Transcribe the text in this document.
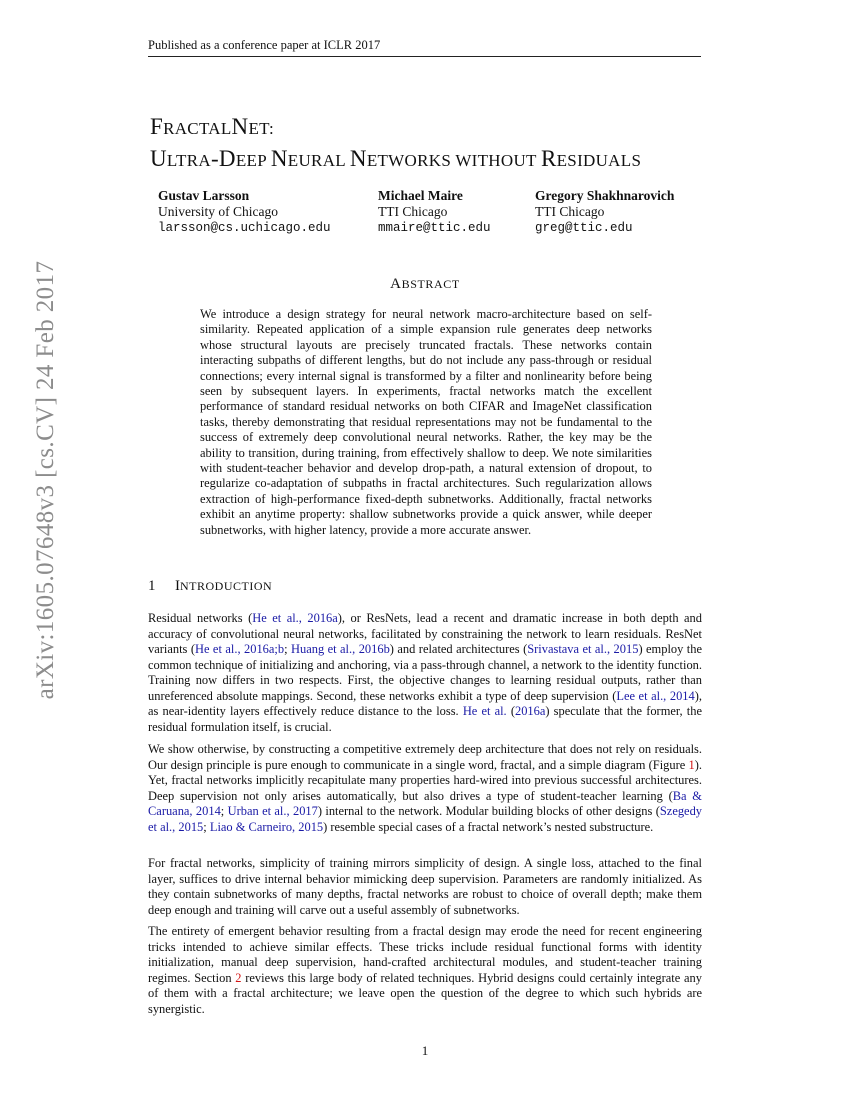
Published as a conference paper at ICLR 2017
arXiv:1605.07648v3 [cs.CV] 24 Feb 2017
FRACTALNET:
ULTRA-DEEP NEURAL NETWORKS WITHOUT RESIDUALS
Gustav Larsson
University of Chicago
larsson@cs.uchicago.edu
Michael Maire
TTI Chicago
mmaire@ttic.edu
Gregory Shakhnarovich
TTI Chicago
greg@ttic.edu
ABSTRACT
We introduce a design strategy for neural network macro-architecture based on self-similarity. Repeated application of a simple expansion rule generates deep networks whose structural layouts are precisely truncated fractals. These networks contain interacting subpaths of different lengths, but do not include any pass-through or residual connections; every internal signal is transformed by a filter and nonlinearity before being seen by subsequent layers. In experiments, fractal networks match the excellent performance of standard residual networks on both CIFAR and ImageNet classification tasks, thereby demonstrating that residual representations may not be fundamental to the success of extremely deep convolutional neural networks. Rather, the key may be the ability to transition, during training, from effectively shallow to deep. We note similarities with student-teacher behavior and develop drop-path, a natural extension of dropout, to regularize co-adaptation of subpaths in fractal architectures. Such regularization allows extraction of high-performance fixed-depth subnetworks. Additionally, fractal networks exhibit an anytime property: shallow subnetworks provide a quick answer, while deeper subnetworks, with higher latency, provide a more accurate answer.
1 INTRODUCTION
Residual networks (He et al., 2016a), or ResNets, lead a recent and dramatic increase in both depth and accuracy of convolutional neural networks, facilitated by constraining the network to learn residuals. ResNet variants (He et al., 2016a;b; Huang et al., 2016b) and related architectures (Srivastava et al., 2015) employ the common technique of initializing and anchoring, via a pass-through channel, a network to the identity function. Training now differs in two respects. First, the objective changes to learning residual outputs, rather than unreferenced absolute mappings. Second, these networks exhibit a type of deep supervision (Lee et al., 2014), as near-identity layers effectively reduce distance to the loss. He et al. (2016a) speculate that the former, the residual formulation itself, is crucial.
We show otherwise, by constructing a competitive extremely deep architecture that does not rely on residuals. Our design principle is pure enough to communicate in a single word, fractal, and a simple diagram (Figure 1). Yet, fractal networks implicitly recapitulate many properties hard-wired into previous successful architectures. Deep supervision not only arises automatically, but also drives a type of student-teacher learning (Ba & Caruana, 2014; Urban et al., 2017) internal to the network. Modular building blocks of other designs (Szegedy et al., 2015; Liao & Carneiro, 2015) resemble special cases of a fractal network’s nested substructure.
For fractal networks, simplicity of training mirrors simplicity of design. A single loss, attached to the final layer, suffices to drive internal behavior mimicking deep supervision. Parameters are randomly initialized. As they contain subnetworks of many depths, fractal networks are robust to choice of overall depth; make them deep enough and training will carve out a useful assembly of subnetworks.
The entirety of emergent behavior resulting from a fractal design may erode the need for recent engineering tricks intended to achieve similar effects. These tricks include residual functional forms with identity initialization, manual deep supervision, hand-crafted architectural modules, and student-teacher training regimes. Section 2 reviews this large body of related techniques. Hybrid designs could certainly integrate any of them with a fractal architecture; we leave open the question of the degree to which such hybrids are synergistic.
1
